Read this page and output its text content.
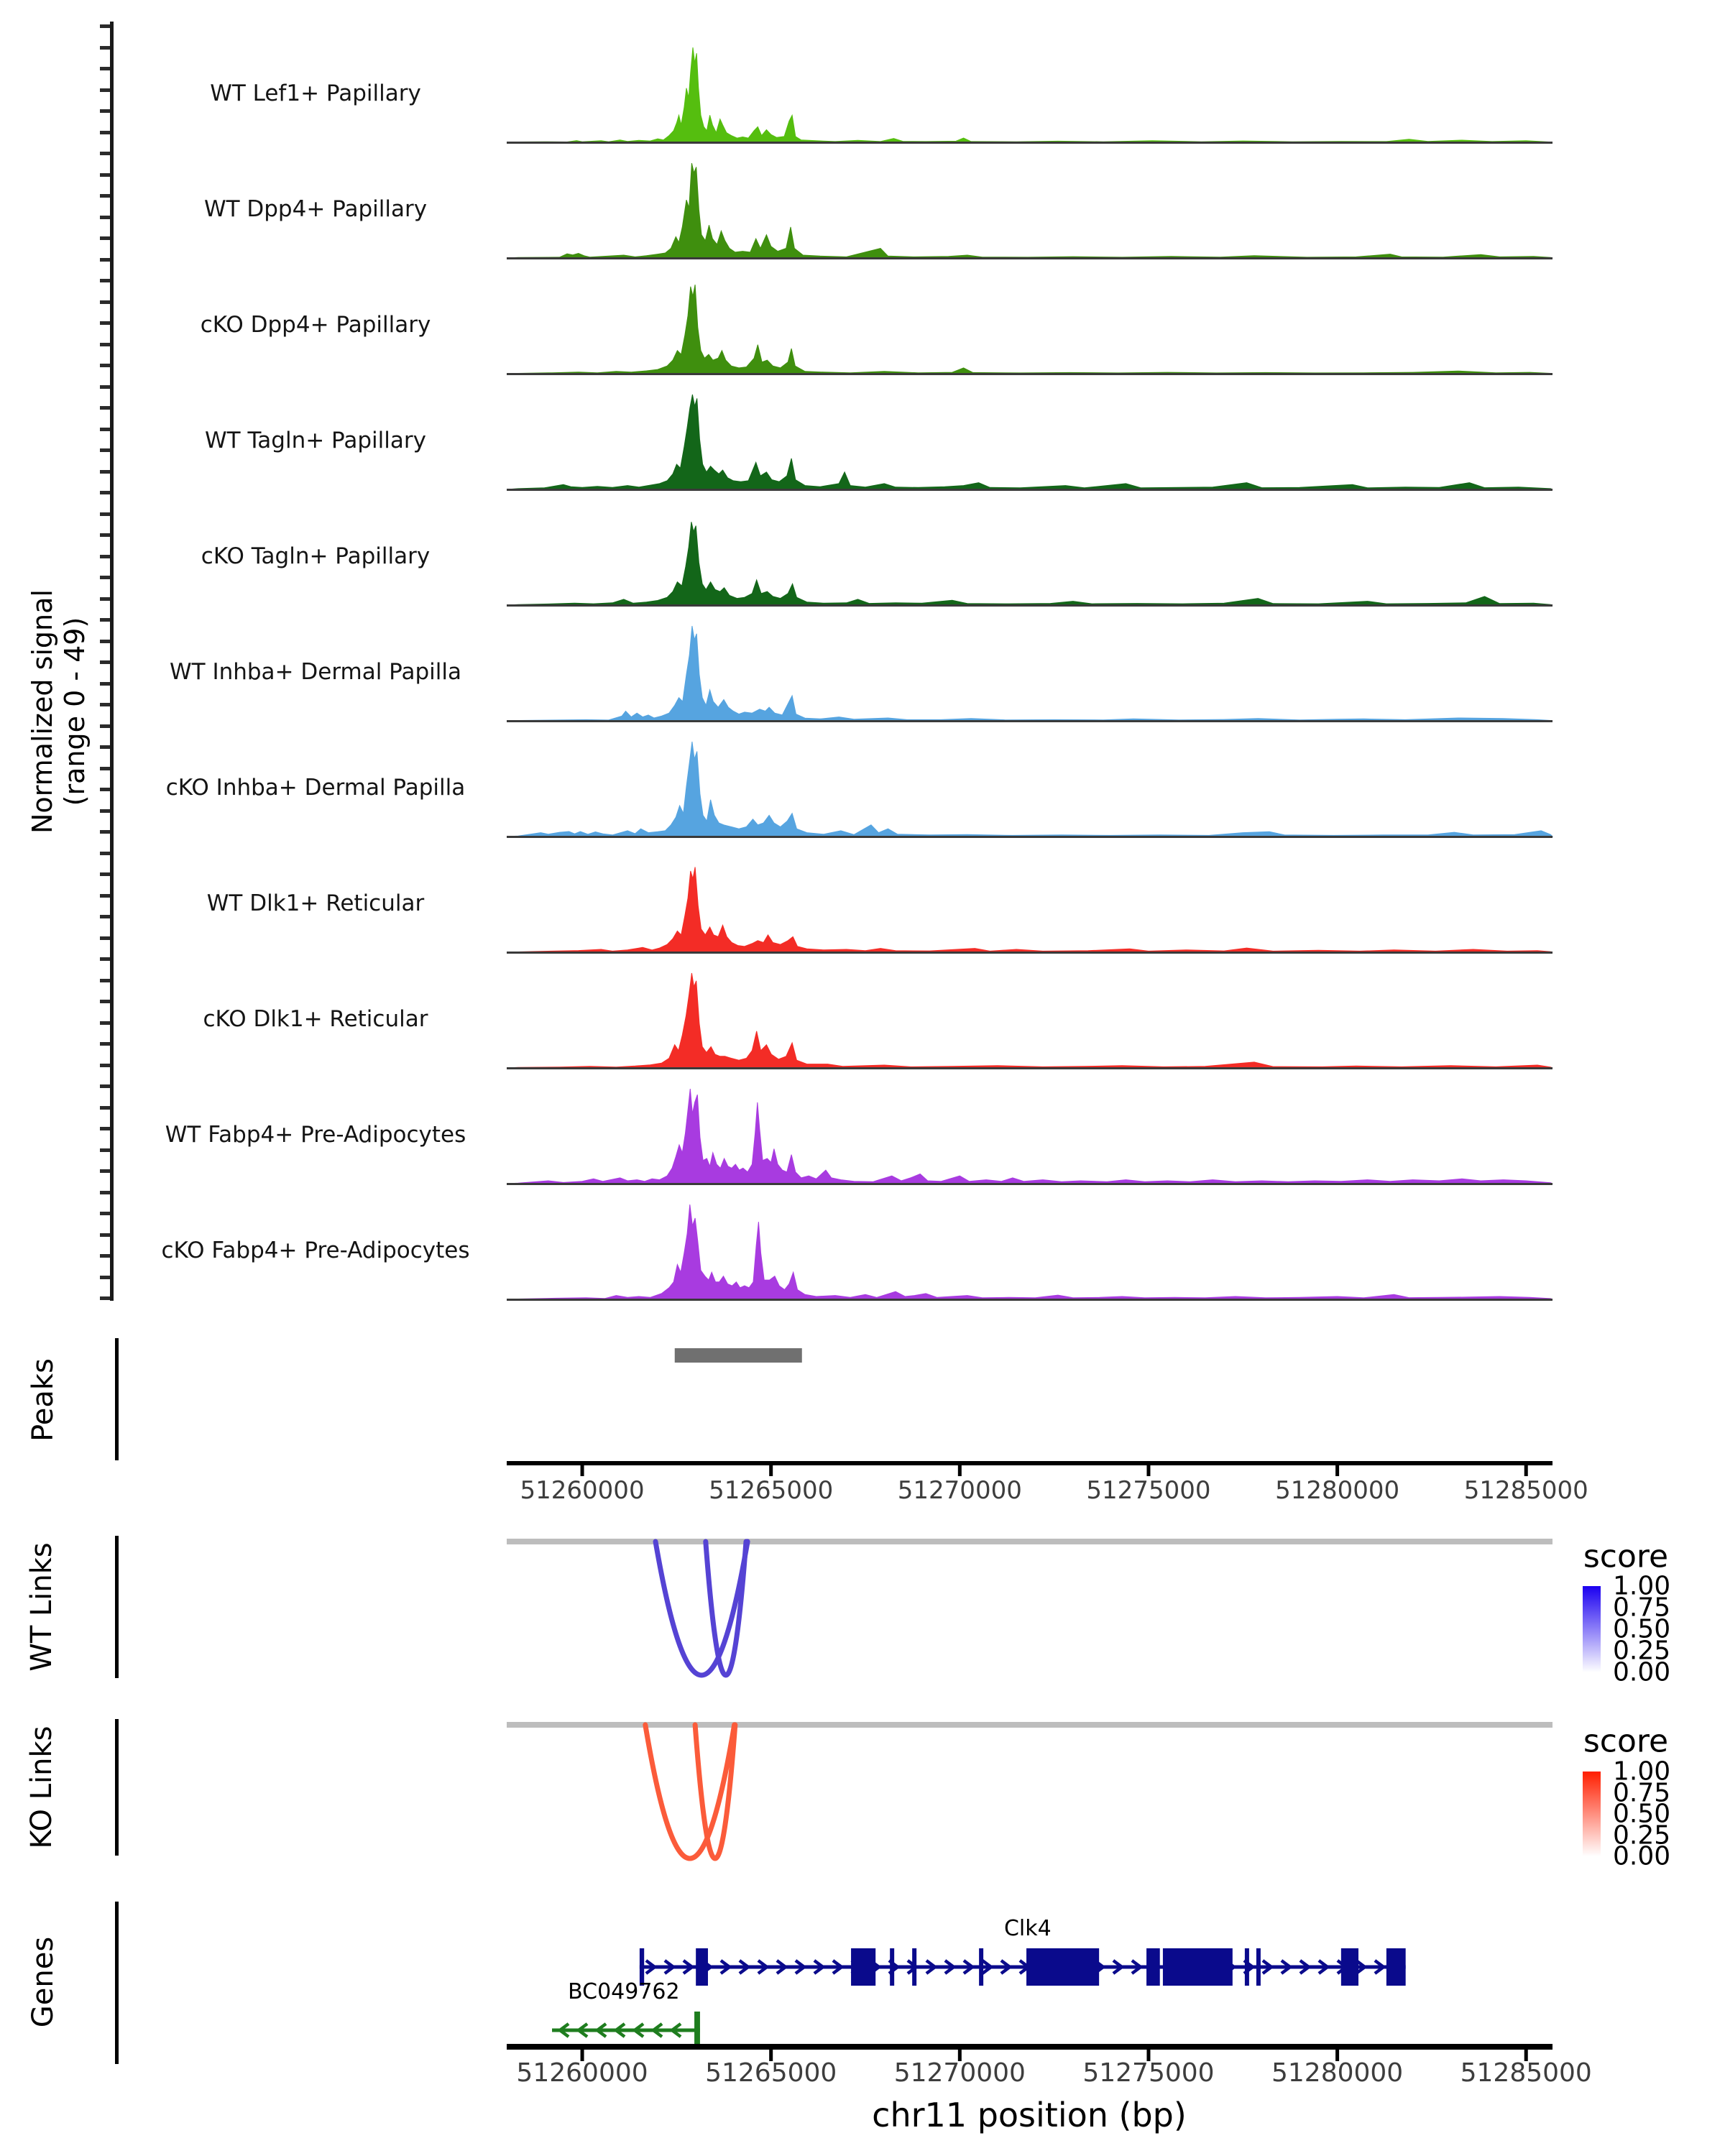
Normalized signal
(range 0 - 49)
Peaks
WT Links
KO Links
Genes
score
1.00
0.75
0.50
0.25
0.00
score
1.00
0.75
0.50
0.25
0.00
WT Lef1+ Papillary
WT Dpp4+ Papillary
cKO Dpp4+ Papillary
WT Tagln+ Papillary
cKO Tagln+ Papillary
WT Inhba+ Dermal Papilla
cKO Inhba+ Dermal Papilla
WT Dlk1+ Reticular
cKO Dlk1+ Reticular
WT Fabp4+ Pre-Adipocytes
cKO Fabp4+ Pre-Adipocytes
51260000	51265000	51270000	51275000	51280000	51285000
51260000 51265000 51270000 51275000 51280000 51285000
Clk4
BC049762
chr11 position (bp)
